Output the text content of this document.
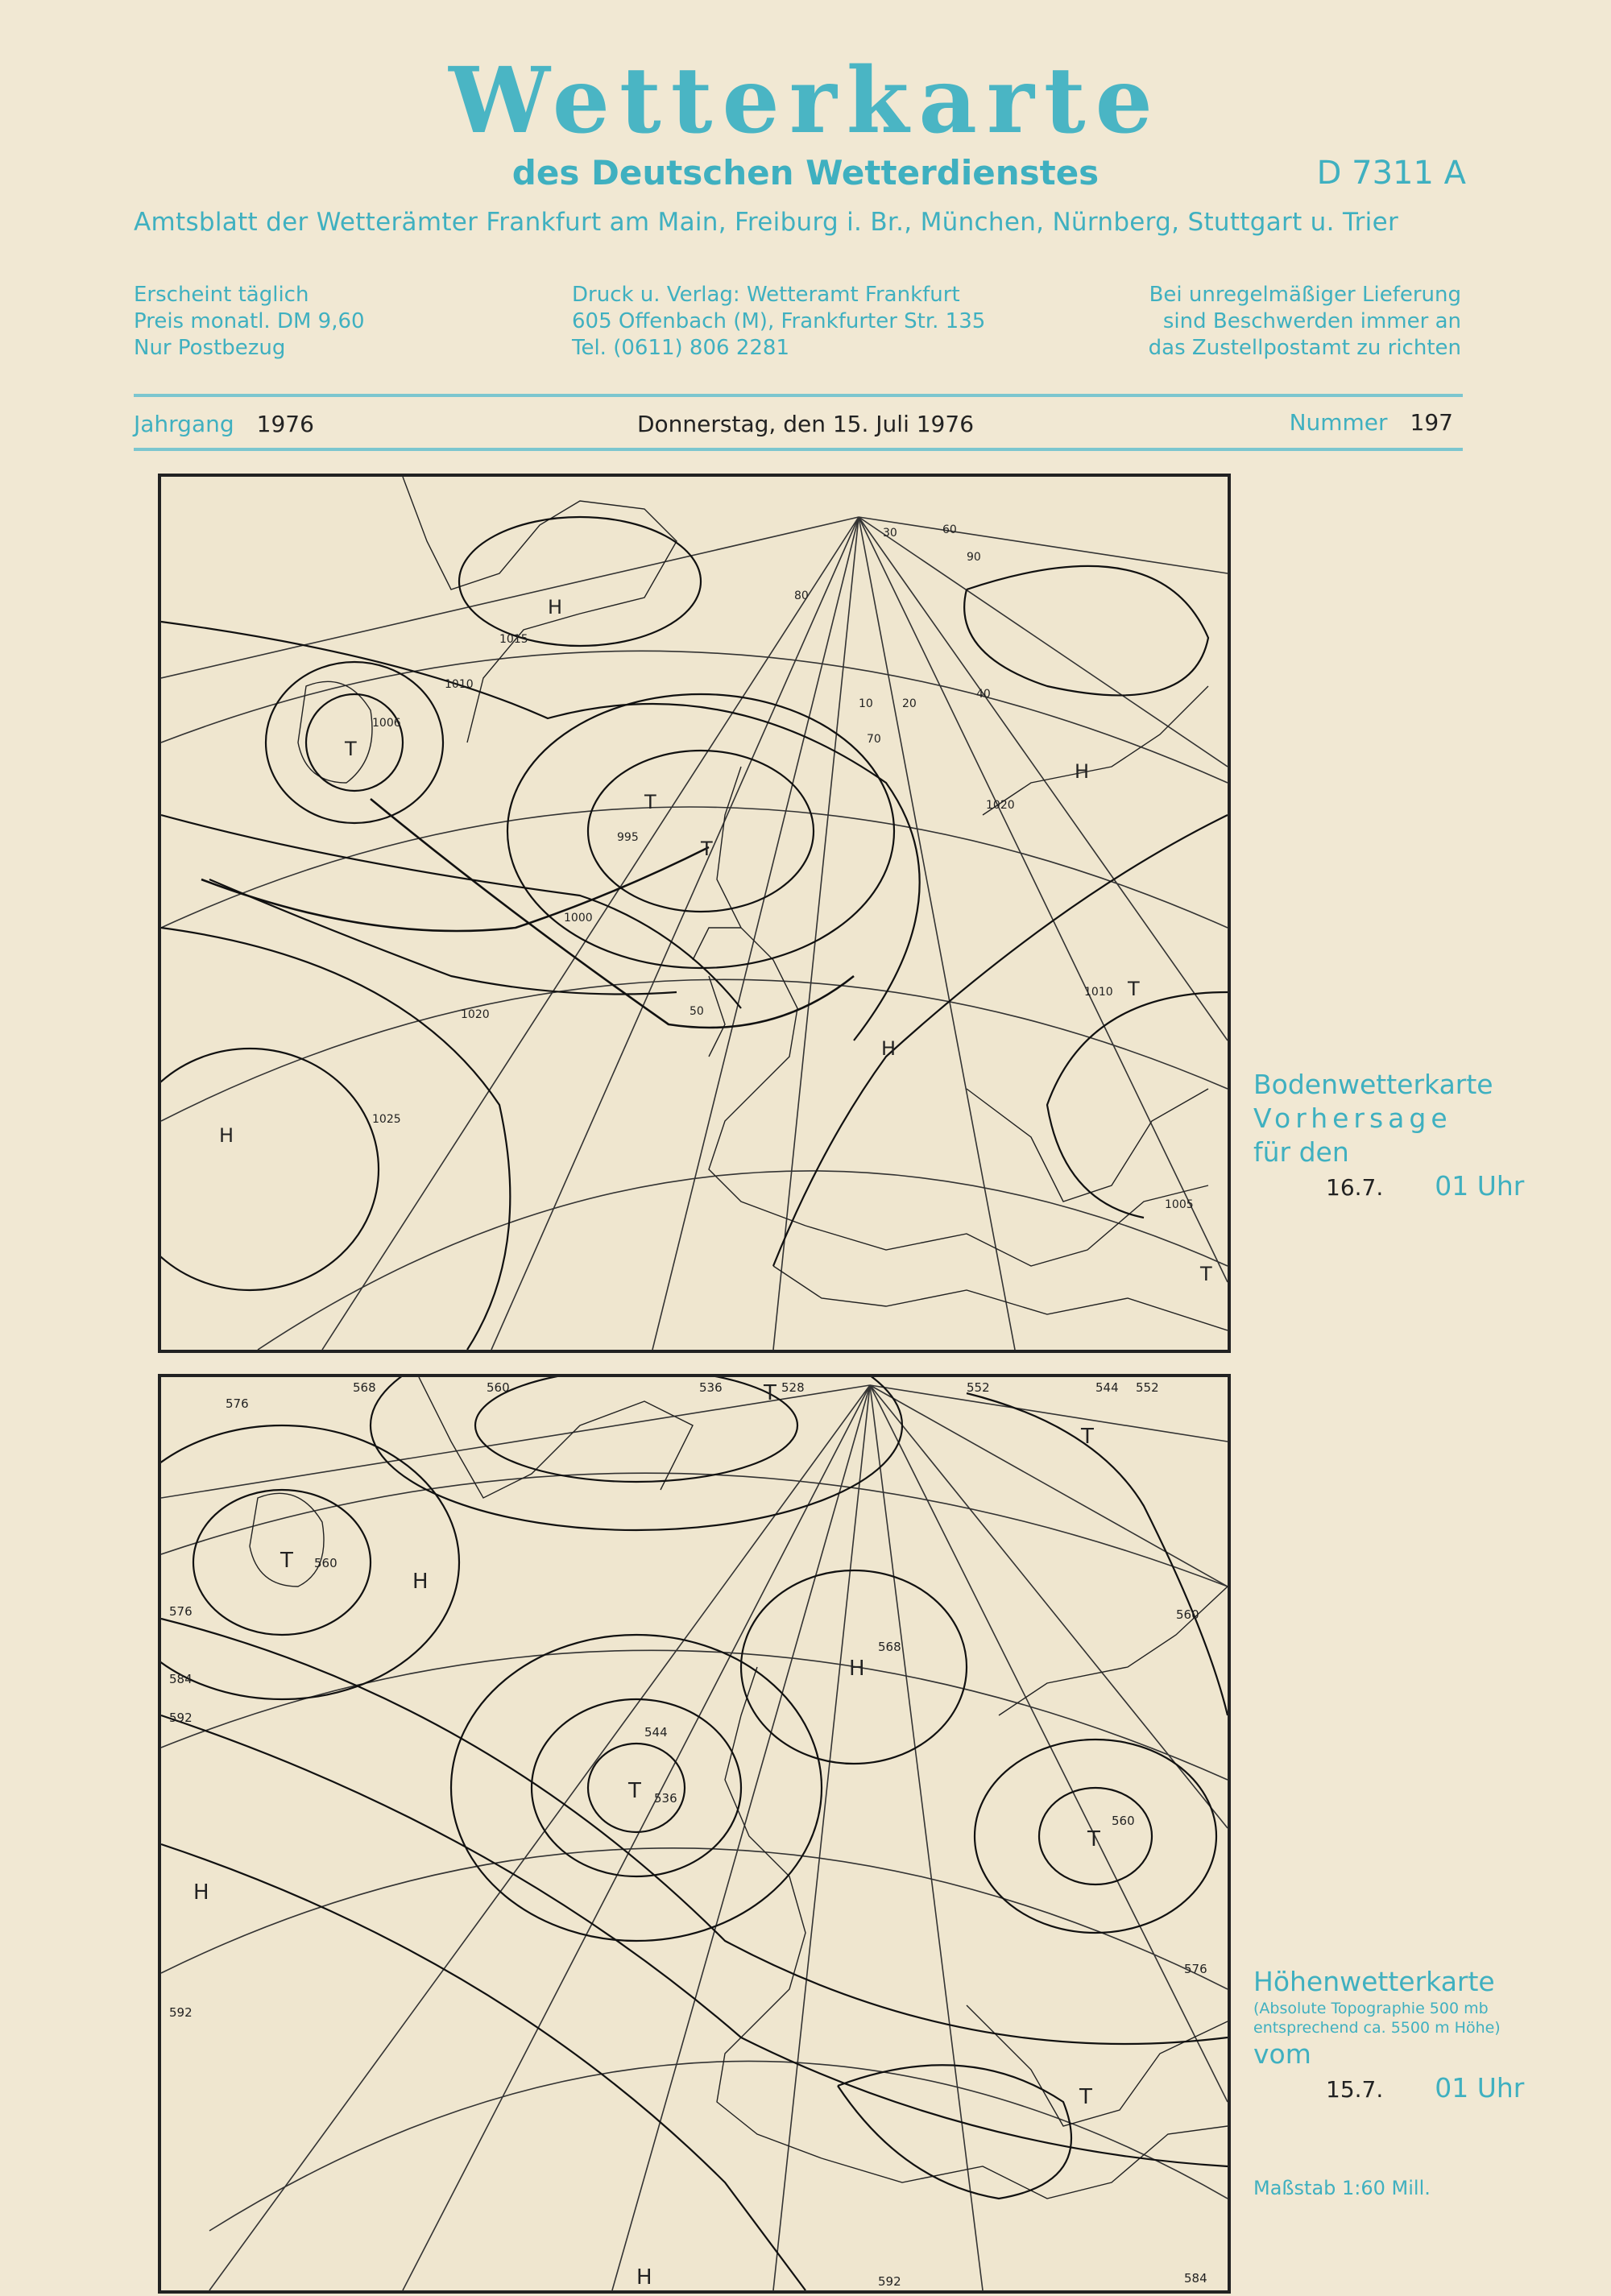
Wetterkarte
des Deutschen Wetterdienstes	D 7311 A
Amtsblatt der Wetterämter Frankfurt am Main, Freiburg i. Br., München, Nürnberg, Stuttgart u. Trier
Erscheint täglich
Preis monatl. DM 9,60
Nur Postbezug
Druck u. Verlag: Wetteramt Frankfurt
605 Offenbach (M), Frankfurter Str. 135
Tel. (0611) 806 2281
Bei unregelmäßiger Lieferung
sind Beschwerden immer an
das Zustellpostamt zu richten
Jahrgang 1976	Donnerstag, den 15. Juli 1976	Nummer 197
H
T
T
T
H
H
T
H
T
1015
1010
1006
1000
995
1020
1025
1010
1005
1020
30	60
90
80
70
10	20
40
50
Bodenwetterkarte
Vorhersage
für den
16.7. 01 Uhr
H
H
H
H
T
T
T
T
T
T
568	560	536	528	552
544
576
584
592
560
536
544
568
560
576
584
592
552
560
576
592
Höhenwetterkarte
(Absolute Topographie 500 mb
entsprechend ca. 5500 m Höhe)
vom
15.7. 01 Uhr
Maßstab 1:60 Mill.
